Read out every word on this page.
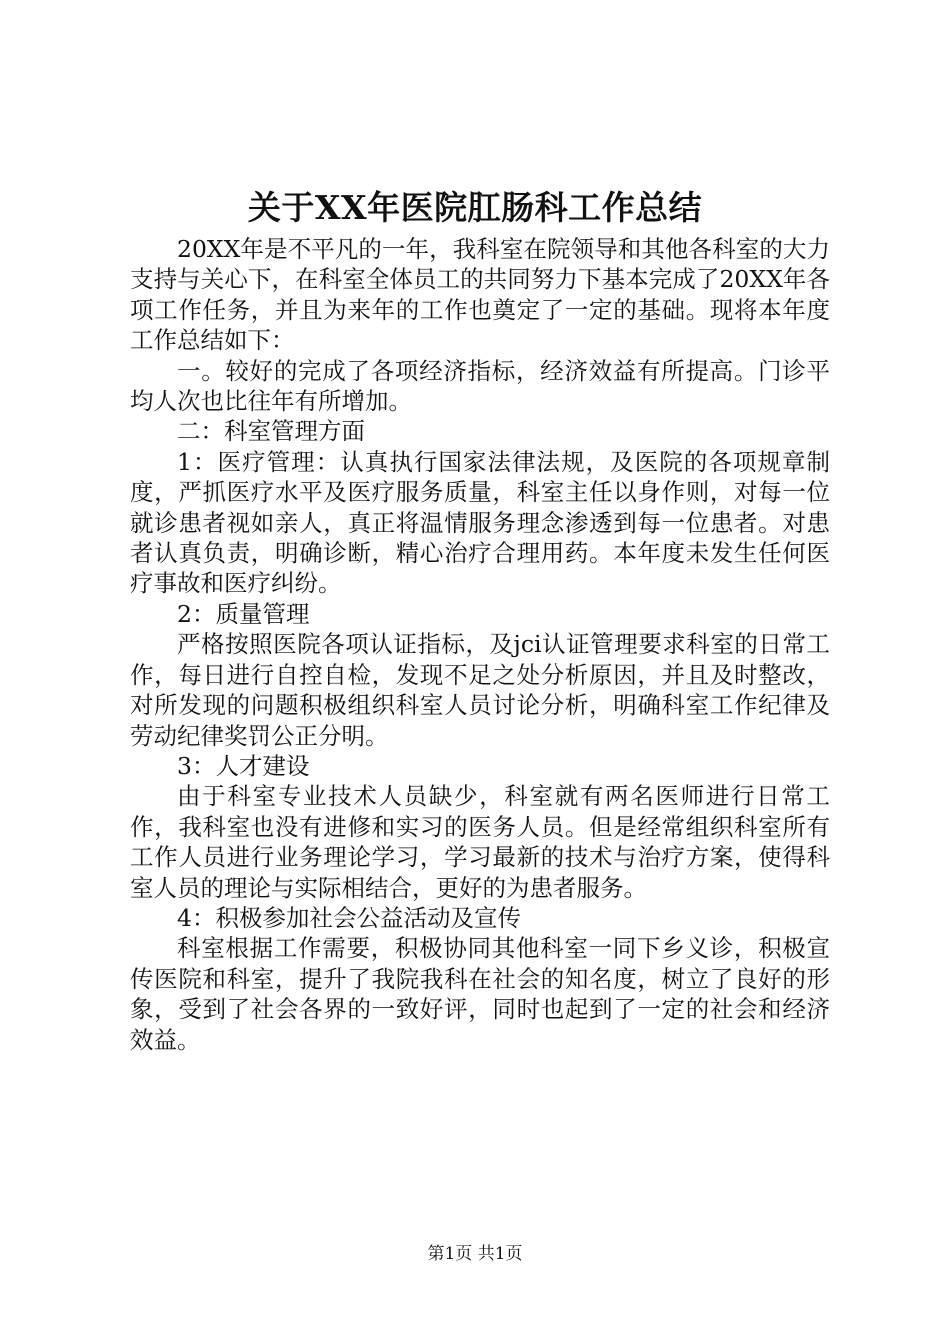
关于XX年医院肛肠科工作总结

20XX年是不平凡的一年，我科室在院领导和其他各科室的大力支持与关心下，在科室全体员工的共同努力下基本完成了20XX年各项工作任务，并且为来年的工作也奠定了一定的基础。现将本年度工作总结如下：

一。较好的完成了各项经济指标，经济效益有所提高。门诊平均人次也比往年有所增加。

二：科室管理方面

1：医疗管理：认真执行国家法律法规，及医院的各项规章制度，严抓医疗水平及医疗服务质量，科室主任以身作则，对每一位就诊患者视如亲人，真正将温情服务理念渗透到每一位患者。对患者认真负责，明确诊断，精心治疗合理用药。本年度未发生任何医疗事故和医疗纠纷。

2：质量管理

严格按照医院各项认证指标，及jci认证管理要求科室的日常工作，每日进行自控自检，发现不足之处分析原因，并且及时整改，对所发现的问题积极组织科室人员讨论分析，明确科室工作纪律及劳动纪律奖罚公正分明。

3：人才建设

由于科室专业技术人员缺少，科室就有两名医师进行日常工作，我科室也没有进修和实习的医务人员。但是经常组织科室所有工作人员进行业务理论学习，学习最新的技术与治疗方案，使得科室人员的理论与实际相结合，更好的为患者服务。

4：积极参加社会公益活动及宣传

科室根据工作需要，积极协同其他科室一同下乡义诊，积极宣传医院和科室，提升了我院我科在社会的知名度，树立了良好的形象，受到了社会各界的一致好评，同时也起到了一定的社会和经济效益。

第1页 共1页
